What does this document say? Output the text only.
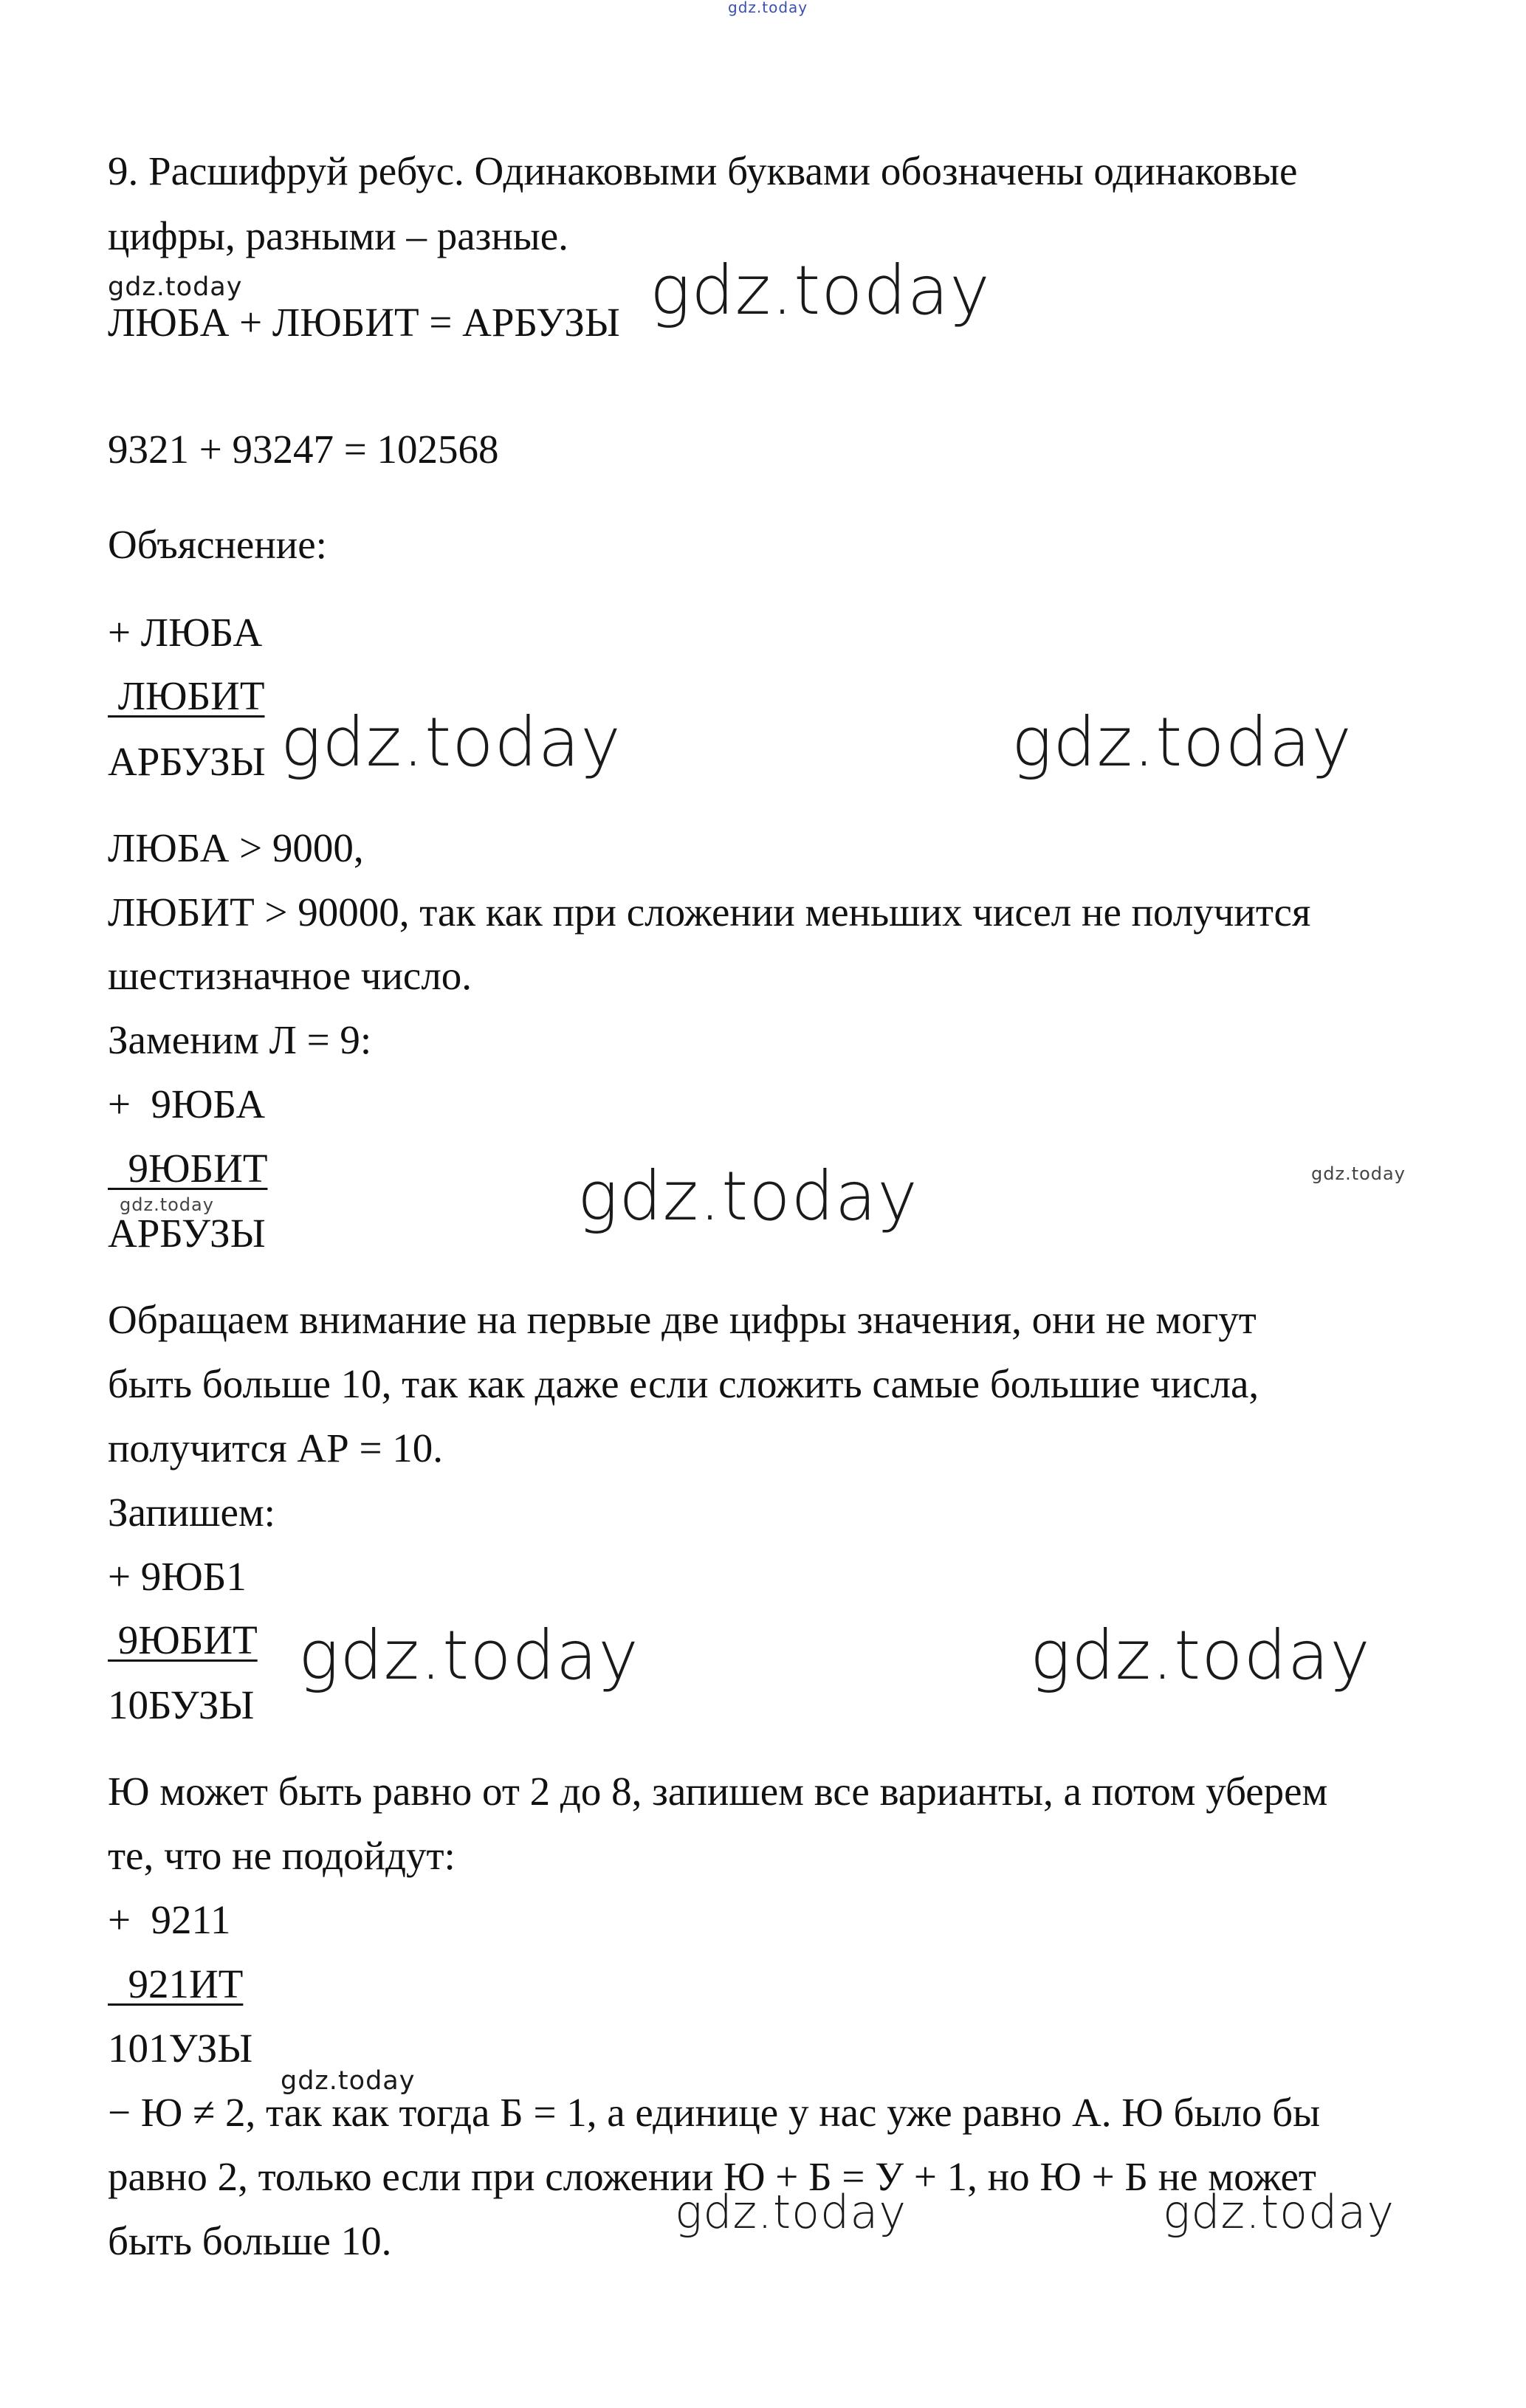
gdz.today

gdz.today	gdz.today

gdz.today	gdz.today

gdz.today	gdz.today

gdz.today

gdz.today	gdz.today

gdz.today

gdz.today	gdz.today

9. Расшифруй ребус. Одинаковыми буквами обозначены одинаковые

цифры, разными – разные.

ЛЮБА + ЛЮБИТ = АРБУЗЫ

9321 + 93247 = 102568

Объяснение:

+ ЛЮБА

ЛЮБИТ

АРБУЗЫ

ЛЮБА > 9000,

ЛЮБИТ > 90000, так как при сложении меньших чисел не получится

шестизначное число.

Заменим Л = 9:

+  9ЮБА

9ЮБИТ

АРБУЗЫ

Обращаем внимание на первые две цифры значения, они не могут

быть больше 10, так как даже если сложить самые большие числа,

получится АР = 10.

Запишем:

+ 9ЮБ1

9ЮБИТ

10БУЗЫ

Ю может быть равно от 2 до 8, запишем все варианты, а потом уберем

те, что не подойдут:

+  9211

921ИТ

101УЗЫ

− Ю ≠ 2, так как тогда Б = 1, а единице у нас уже равно А. Ю было бы

равно 2, только если при сложении Ю + Б = У + 1, но Ю + Б не может

быть больше 10.
